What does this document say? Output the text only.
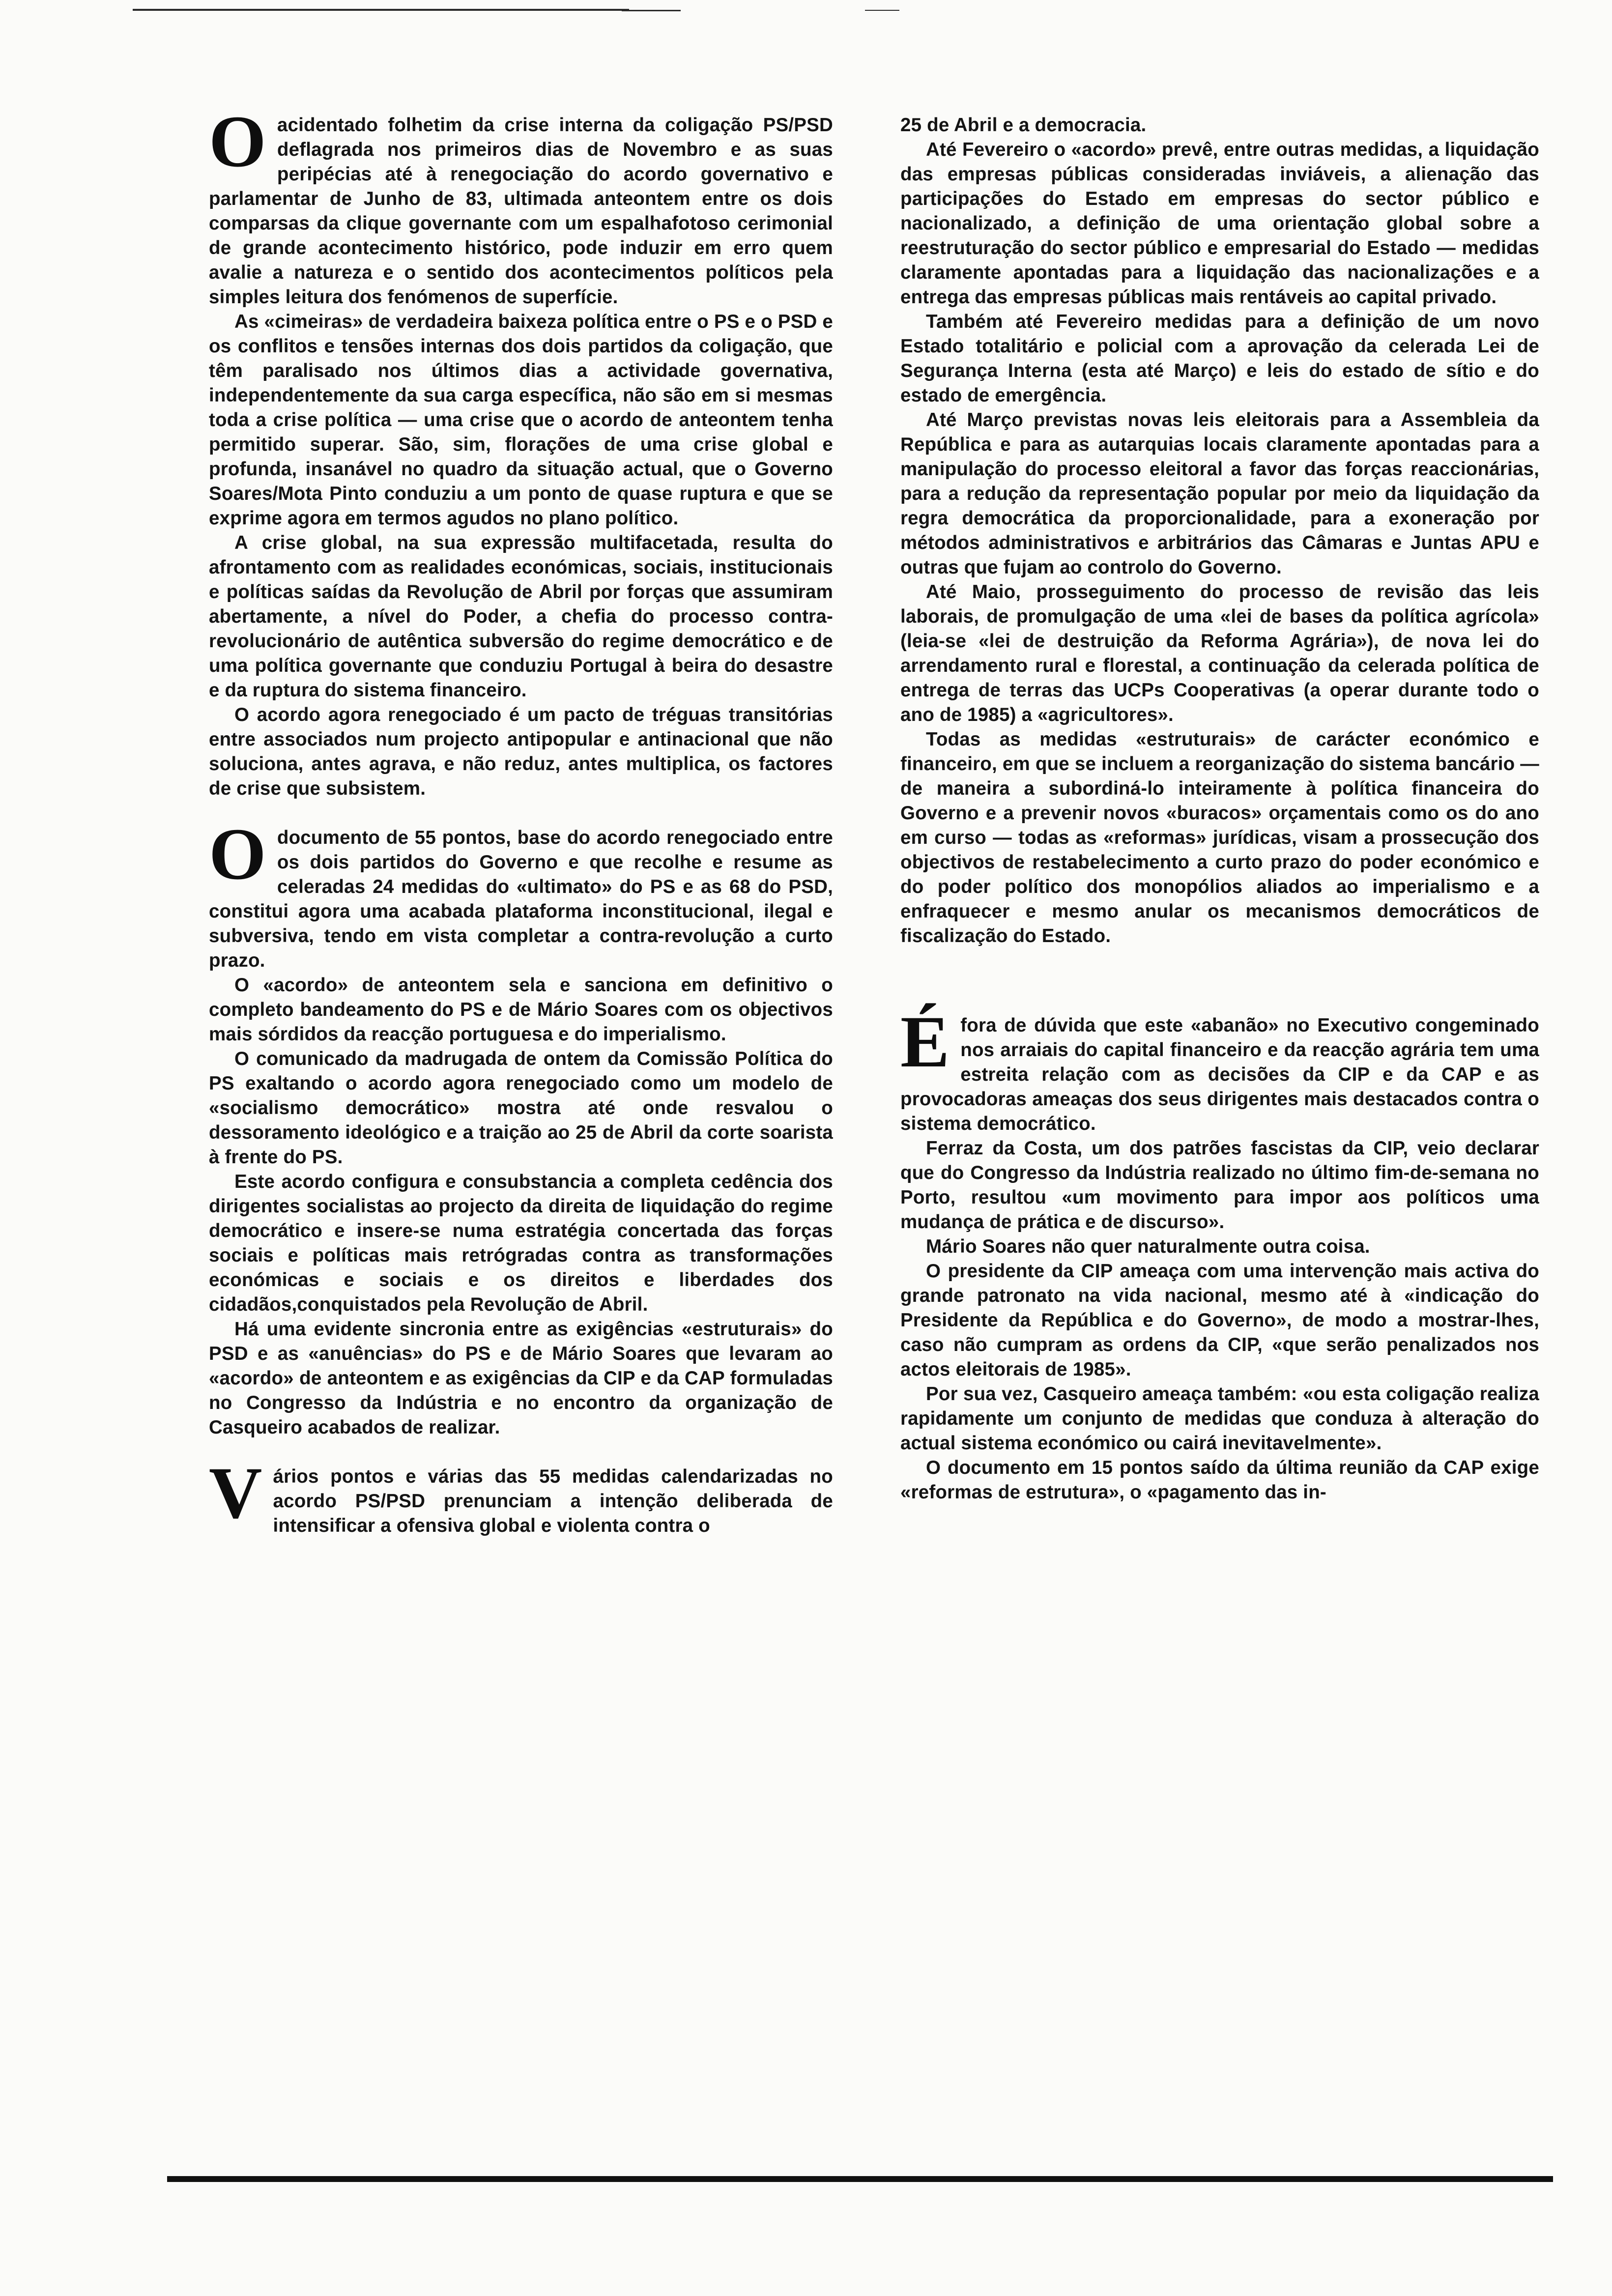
Oacidentado folhetim da crise interna da coligação PS/PSD deflagrada nos primeiros dias de Novembro e as suas peripécias até à renegociação do acordo governativo e parlamentar de Junho de 83, ultimada anteontem entre os dois comparsas da clique governante com um espalhafotoso cerimonial de grande acontecimento histórico, pode induzir em erro quem avalie a natureza e o sentido dos acontecimentos políticos pela simples leitura dos fenómenos de superfície.

As «cimeiras» de verdadeira baixeza política entre o PS e o PSD e os conflitos e tensões internas dos dois partidos da coligação, que têm paralisado nos últimos dias a actividade governativa, independentemente da sua carga específica, não são em si mesmas toda a crise política — uma crise que o acordo de anteontem tenha permitido superar. São, sim, florações de uma crise global e profunda, insanável no quadro da situação actual, que o Governo Soares/Mota Pinto conduziu a um ponto de quase ruptura e que se exprime agora em termos agudos no plano político.

A crise global, na sua expressão multifacetada, resulta do afrontamento com as realidades económicas, sociais, institucionais e políticas saídas da Revolução de Abril por forças que assumiram abertamente, a nível do Poder, a chefia do processo contra-revolucionário de autêntica subversão do regime democrático e de uma política governante que conduziu Portugal à beira do desastre e da ruptura do sistema financeiro.

O acordo agora renegociado é um pacto de tréguas transitórias entre associados num projecto antipopular e antinacional que não soluciona, antes agrava, e não reduz, antes multiplica, os factores de crise que subsistem.

Odocumento de 55 pontos, base do acordo renegociado entre os dois partidos do Governo e que recolhe e resume as celeradas 24 medidas do «ultimato» do PS e as 68 do PSD, constitui agora uma acabada plataforma inconstitucional, ilegal e subversiva, tendo em vista completar a contra-revolução a curto prazo.

O «acordo» de anteontem sela e sanciona em definitivo o completo bandeamento do PS e de Mário Soares com os objectivos mais sórdidos da reacção portuguesa e do imperialismo.

O comunicado da madrugada de ontem da Comissão Política do PS exaltando o acordo agora renegociado como um modelo de «socialismo democrático» mostra até onde resvalou o dessoramento ideológico e a traição ao 25 de Abril da corte soarista à frente do PS.

Este acordo configura e consubstancia a completa cedência dos dirigentes socialistas ao projecto da direita de liquidação do regime democrático e insere-se numa estratégia concertada das forças sociais e políticas mais retrógradas contra as transformações económicas e sociais e os direitos e liberdades dos cidadãos,conquistados pela Revolução de Abril.

Há uma evidente sincronia entre as exigências «estruturais» do PSD e as «anuências» do PS e de Mário Soares que levaram ao «acordo» de anteontem e as exigências da CIP e da CAP formuladas no Congresso da Indústria e no encontro da organização de Casqueiro acabados de realizar.

Vários pontos e várias das 55 medidas calendarizadas no acordo PS/PSD prenunciam a intenção deliberada de intensificar a ofensiva global e violenta contra o

25 de Abril e a democracia.

Até Fevereiro o «acordo» prevê, entre outras medidas, a liquidação das empresas públicas consideradas inviáveis, a alienação das participações do Estado em empresas do sector público e nacionalizado, a definição de uma orientação global sobre a reestruturação do sector público e empresarial do Estado — medidas claramente apontadas para a liquidação das nacionalizações e a entrega das empresas públicas mais rentáveis ao capital privado.

Também até Fevereiro medidas para a definição de um novo Estado totalitário e policial com a aprovação da celerada Lei de Segurança Interna (esta até Março) e leis do estado de sítio e do estado de emergência.

Até Março previstas novas leis eleitorais para a Assembleia da República e para as autarquias locais claramente apontadas para a manipulação do processo eleitoral a favor das forças reaccionárias, para a redução da representação popular por meio da liquidação da regra democrática da proporcionalidade, para a exoneração por métodos administrativos e arbitrários das Câmaras e Juntas APU e outras que fujam ao controlo do Governo.

Até Maio, prosseguimento do processo de revisão das leis laborais, de promulgação de uma «lei de bases da política agrícola» (leia-se «lei de destruição da Reforma Agrária»), de nova lei do arrendamento rural e florestal, a continuação da celerada política de entrega de terras das UCPs Cooperativas (a operar durante todo o ano de 1985) a «agricultores».

Todas as medidas «estruturais» de carácter económico e financeiro, em que se incluem a reorganização do sistema bancário — de maneira a subordiná-lo inteiramente à política financeira do Governo e a prevenir novos «buracos» orçamentais como os do ano em curso — todas as «reformas» jurídicas, visam a prossecução dos objectivos de restabelecimento a curto prazo do poder económico e do poder político dos monopólios aliados ao imperialismo e a enfraquecer e mesmo anular os mecanismos democráticos de fiscalização do Estado.

Éfora de dúvida que este «abanão» no Executivo congeminado nos arraiais do capital financeiro e da reacção agrária tem uma estreita relação com as decisões da CIP e da CAP e as provocadoras ameaças dos seus dirigentes mais destacados contra o sistema democrático.

Ferraz da Costa, um dos patrões fascistas da CIP, veio declarar que do Congresso da Indústria realizado no último fim-de-semana no Porto, resultou «um movimento para impor aos políticos uma mudança de prática e de discurso».

Mário Soares não quer naturalmente outra coisa.

O presidente da CIP ameaça com uma intervenção mais activa do grande patronato na vida nacional, mesmo até à «indicação do Presidente da República e do Governo», de modo a mostrar-lhes, caso não cumpram as ordens da CIP, «que serão penalizados nos actos eleitorais de 1985».

Por sua vez, Casqueiro ameaça também: «ou esta coligação realiza rapidamente um conjunto de medidas que conduza à alteração do actual sistema económico ou cairá inevitavelmente».

O documento em 15 pontos saído da última reunião da CAP exige «reformas de estrutura», o «pagamento das in-
